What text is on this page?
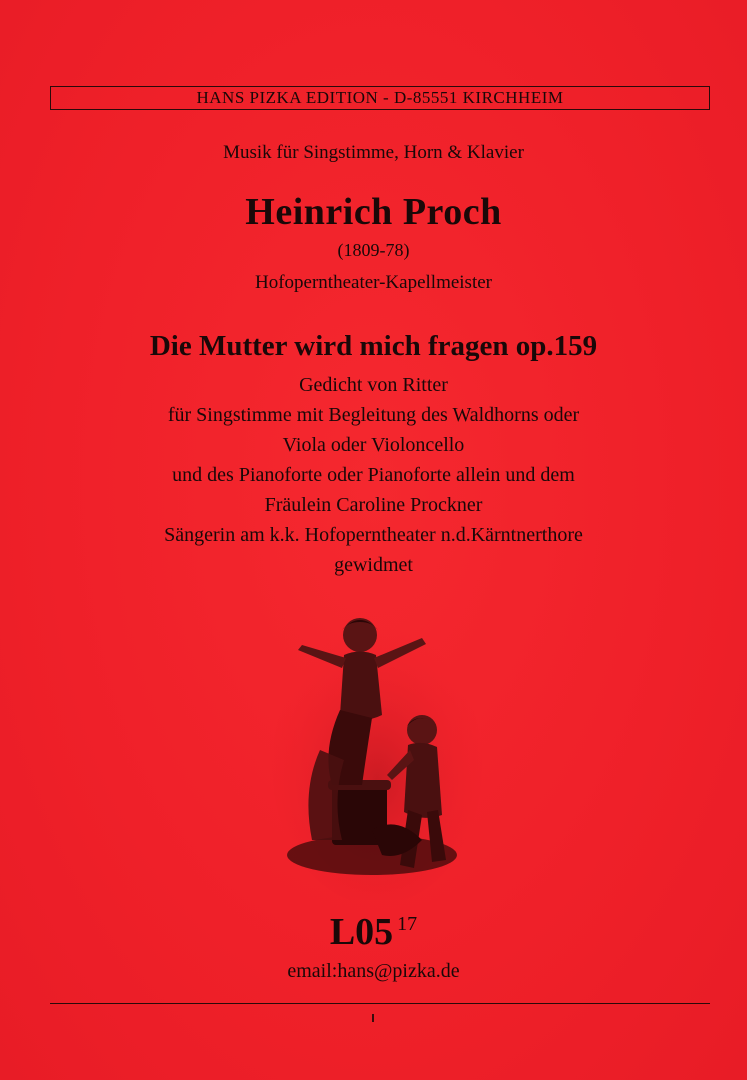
HANS PIZKA EDITION - D-85551 KIRCHHEIM
Musik für Singstimme, Horn & Klavier
Heinrich Proch
(1809-78)
Hofoperntheater-Kapellmeister
Die Mutter wird mich fragen op.159
Gedicht von Ritter
für Singstimme mit Begleitung des Waldhorns oder
Viola oder Violoncello
und des Pianoforte oder Pianoforte allein und dem
Fräulein Caroline Prockner
Sängerin am k.k. Hofoperntheater n.d.Kärntnerthore
gewidmet
L05 $^{17}$
email:hans@pizka.de
